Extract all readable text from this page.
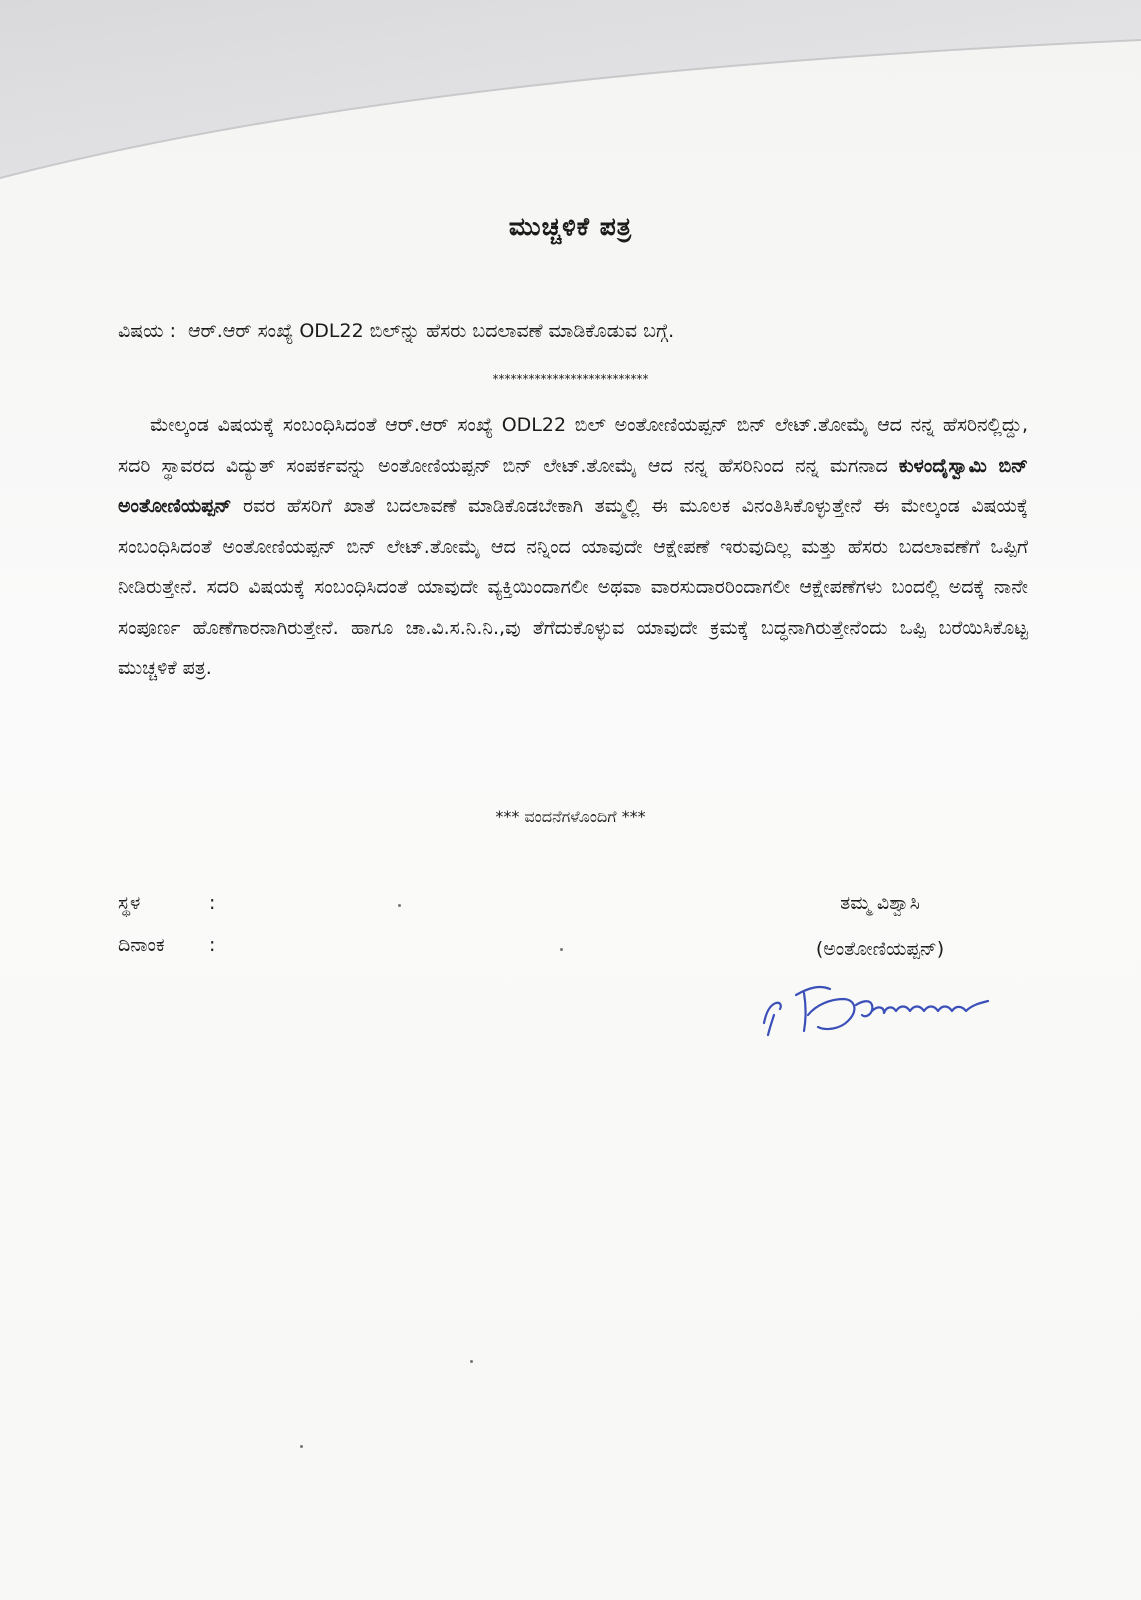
ಮುಚ್ಚಳಿಕೆ ಪತ್ರ
ವಿಷಯ : ಆರ್.ಆರ್ ಸಂಖ್ಯೆ ODL22 ಬಿಲ್‌ನ್ನು ಹೆಸರು ಬದಲಾವಣೆ ಮಾಡಿಕೊಡುವ ಬಗ್ಗೆ.
**************************
ಮೇಲ್ಕಂಡ ವಿಷಯಕ್ಕೆ ಸಂಬಂಧಿಸಿದಂತೆ ಆರ್.ಆರ್ ಸಂಖ್ಯೆ ODL22 ಬಿಲ್ ಅಂತೋಣಿಯಪ್ಪನ್ ಬಿನ್ ಲೇಟ್.ತೋಮೈ ಆದ ನನ್ನ ಹೆಸರಿನಲ್ಲಿದ್ದು, ಸದರಿ ಸ್ಥಾವರದ ವಿದ್ಯುತ್ ಸಂಪರ್ಕವನ್ನು ಅಂತೋಣಿಯಪ್ಪನ್ ಬಿನ್ ಲೇಟ್.ತೋಮೈ ಆದ ನನ್ನ ಹೆಸರಿನಿಂದ ನನ್ನ ಮಗನಾದ ಕುಳಂದೈಸ್ವಾಮಿ ಬಿನ್ ಅಂತೋಣಿಯಪ್ಪನ್ ರವರ ಹೆಸರಿಗೆ ಖಾತೆ ಬದಲಾವಣೆ ಮಾಡಿಕೊಡಬೇಕಾಗಿ ತಮ್ಮಲ್ಲಿ ಈ ಮೂಲಕ ವಿನಂತಿಸಿಕೊಳ್ಳುತ್ತೇನೆ ಈ ಮೇಲ್ಕಂಡ ವಿಷಯಕ್ಕೆ ಸಂಬಂಧಿಸಿದಂತೆ ಅಂತೋಣಿಯಪ್ಪನ್ ಬಿನ್ ಲೇಟ್.ತೋಮೈ ಆದ ನನ್ನಿಂದ ಯಾವುದೇ ಆಕ್ಷೇಪಣೆ ಇರುವುದಿಲ್ಲ ಮತ್ತು ಹೆಸರು ಬದಲಾವಣೆಗೆ ಒಪ್ಪಿಗೆ ನೀಡಿರುತ್ತೇನೆ. ಸದರಿ ವಿಷಯಕ್ಕೆ ಸಂಬಂಧಿಸಿದಂತೆ ಯಾವುದೇ ವ್ಯಕ್ತಿಯಿಂದಾಗಲೀ ಅಥವಾ ವಾರಸುದಾರರಿಂದಾಗಲೀ ಆಕ್ಷೇಪಣೆಗಳು ಬಂದಲ್ಲಿ ಅದಕ್ಕೆ ನಾನೇ ಸಂಪೂರ್ಣ ಹೊಣೆಗಾರನಾಗಿರುತ್ತೇನೆ. ಹಾಗೂ ಚಾ.ವಿ.ಸ.ನಿ.ನಿ.,ವು ತೆಗೆದುಕೊಳ್ಳುವ ಯಾವುದೇ ಕ್ರಮಕ್ಕೆ ಬದ್ಧನಾಗಿರುತ್ತೇನೆಂದು ಒಪ್ಪಿ ಬರೆಯಿಸಿಕೊಟ್ಟ ಮುಚ್ಚಳಿಕೆ ಪತ್ರ.
*** ವಂದನೆಗಳೊಂದಿಗೆ ***
ಸ್ಥಳ	:
ದಿನಾಂಕ :
ತಮ್ಮ ವಿಶ್ವಾಸಿ
(ಅಂತೋಣಿಯಪ್ಪನ್)
